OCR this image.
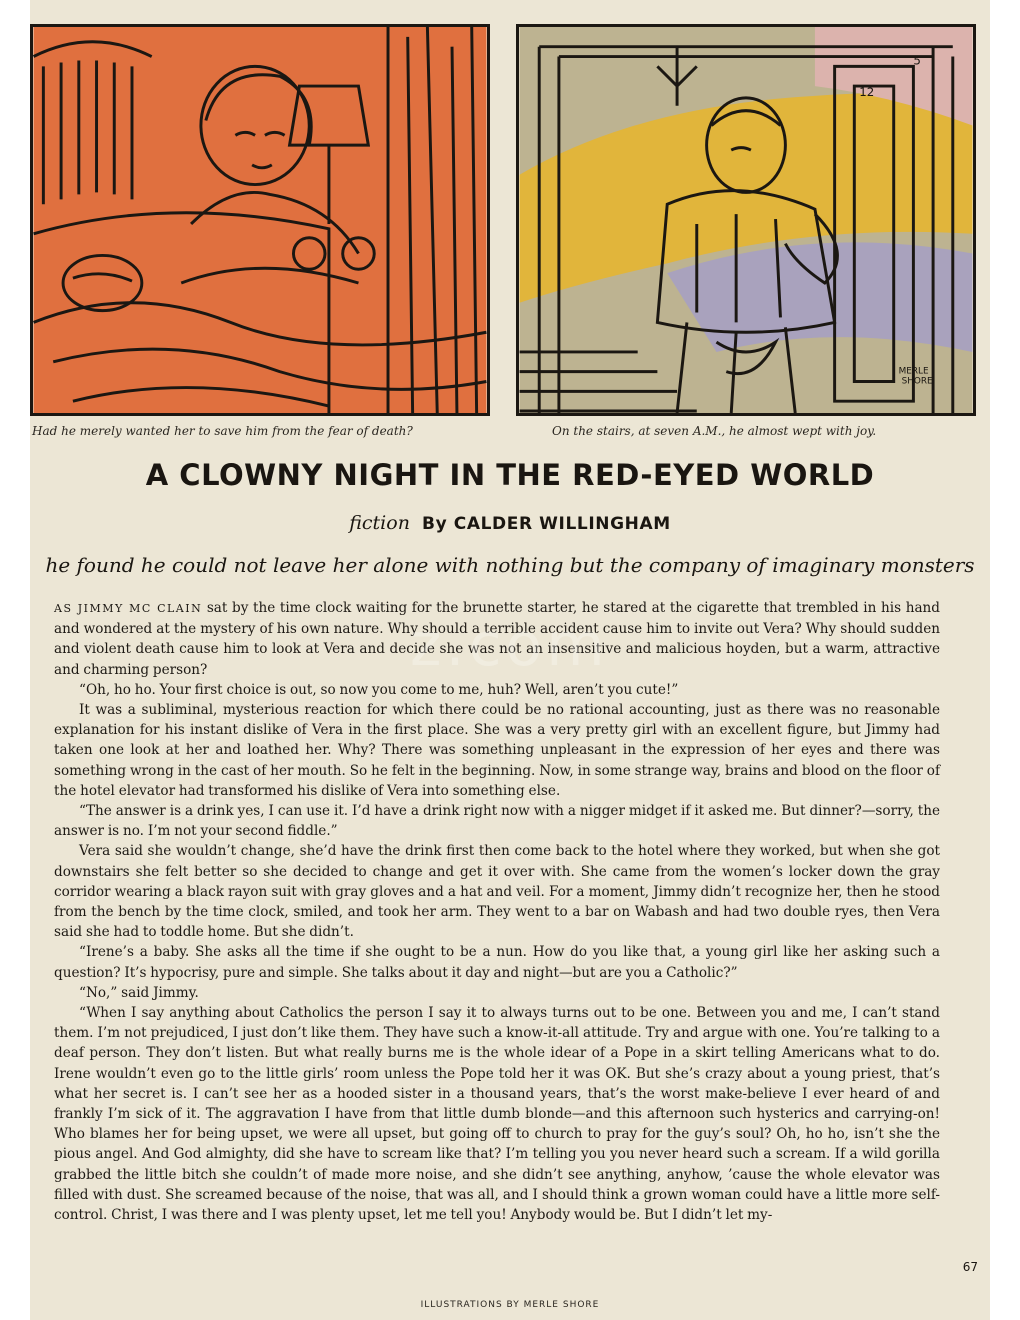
Had he merely wanted her to save him from the fear of death?
12
5
MERLE
SHORE
On the stairs, at seven A.M., he almost wept with joy.
A CLOWNY NIGHT IN THE RED-EYED WORLD
fiction By CALDER WILLINGHAM
he found he could not leave her alone with nothing but the company of imaginary monsters

AS JIMMY MC CLAIN sat by the time clock waiting for the brunette starter, he stared at the cigarette that trembled in his hand and wondered at the mystery of his own nature. Why should a terrible accident cause him to invite out Vera? Why should sudden and violent death cause him to look at Vera and decide she was not an insensitive and malicious hoyden, but a warm, attractive and charming person?

“Oh, ho ho. Your first choice is out, so now you come to me, huh? Well, aren’t you cute!”

It was a subliminal, mysterious reaction for which there could be no rational accounting, just as there was no reasonable explanation for his instant dislike of Vera in the first place. She was a very pretty girl with an excellent figure, but Jimmy had taken one look at her and loathed her. Why? There was something unpleasant in the expression of her eyes and there was something wrong in the cast of her mouth. So he felt in the beginning. Now, in some strange way, brains and blood on the floor of the hotel elevator had transformed his dislike of Vera into something else.

“The answer is a drink yes, I can use it. I’d have a drink right now with a nigger midget if it asked me. But dinner?—sorry, the answer is no. I’m not your second fiddle.”

Vera said she wouldn’t change, she’d have the drink first then come back to the hotel where they worked, but when she got downstairs she felt better so she decided to change and get it over with. She came from the women’s locker down the gray corridor wearing a black rayon suit with gray gloves and a hat and veil. For a moment, Jimmy didn’t recognize her, then he stood from the bench by the time clock, smiled, and took her arm. They went to a bar on Wabash and had two double ryes, then Vera said she had to toddle home. But she didn’t.

“Irene’s a baby. She asks all the time if she ought to be a nun. How do you like that, a young girl like her asking such a question? It’s hypocrisy, pure and simple. She talks about it day and night—but are you a Catholic?”

“No,” said Jimmy.

“When I say anything about Catholics the person I say it to always turns out to be one. Between you and me, I can’t stand them. I’m not prejudiced, I just don’t like them. They have such a know-it-all attitude. Try and argue with one. You’re talking to a deaf person. They don’t listen. But what really burns me is the whole idear of a Pope in a skirt telling Americans what to do. Irene wouldn’t even go to the little girls’ room unless the Pope told her it was OK. But she’s crazy about a young priest, that’s what her secret is. I can’t see her as a hooded sister in a thousand years, that’s the worst make-believe I ever heard of and frankly I’m sick of it. The aggravation I have from that little dumb blonde—and this afternoon such hysterics and carrying-on! Who blames her for being upset, we were all upset, but going off to church to pray for the guy’s soul? Oh, ho ho, isn’t she the pious angel. And God almighty, did she have to scream like that? I’m telling you you never heard such a scream. If a wild gorilla grabbed the little bitch she couldn’t of made more noise, and she didn’t see anything, anyhow, ’cause the whole elevator was filled with dust. She screamed because of the noise, that was all, and I should think a grown woman could have a little more self-control. Christ, I was there and I was plenty upset, let me tell you! Anybody would be. But I didn’t let my-

z.com
67
ILLUSTRATIONS BY MERLE SHORE
